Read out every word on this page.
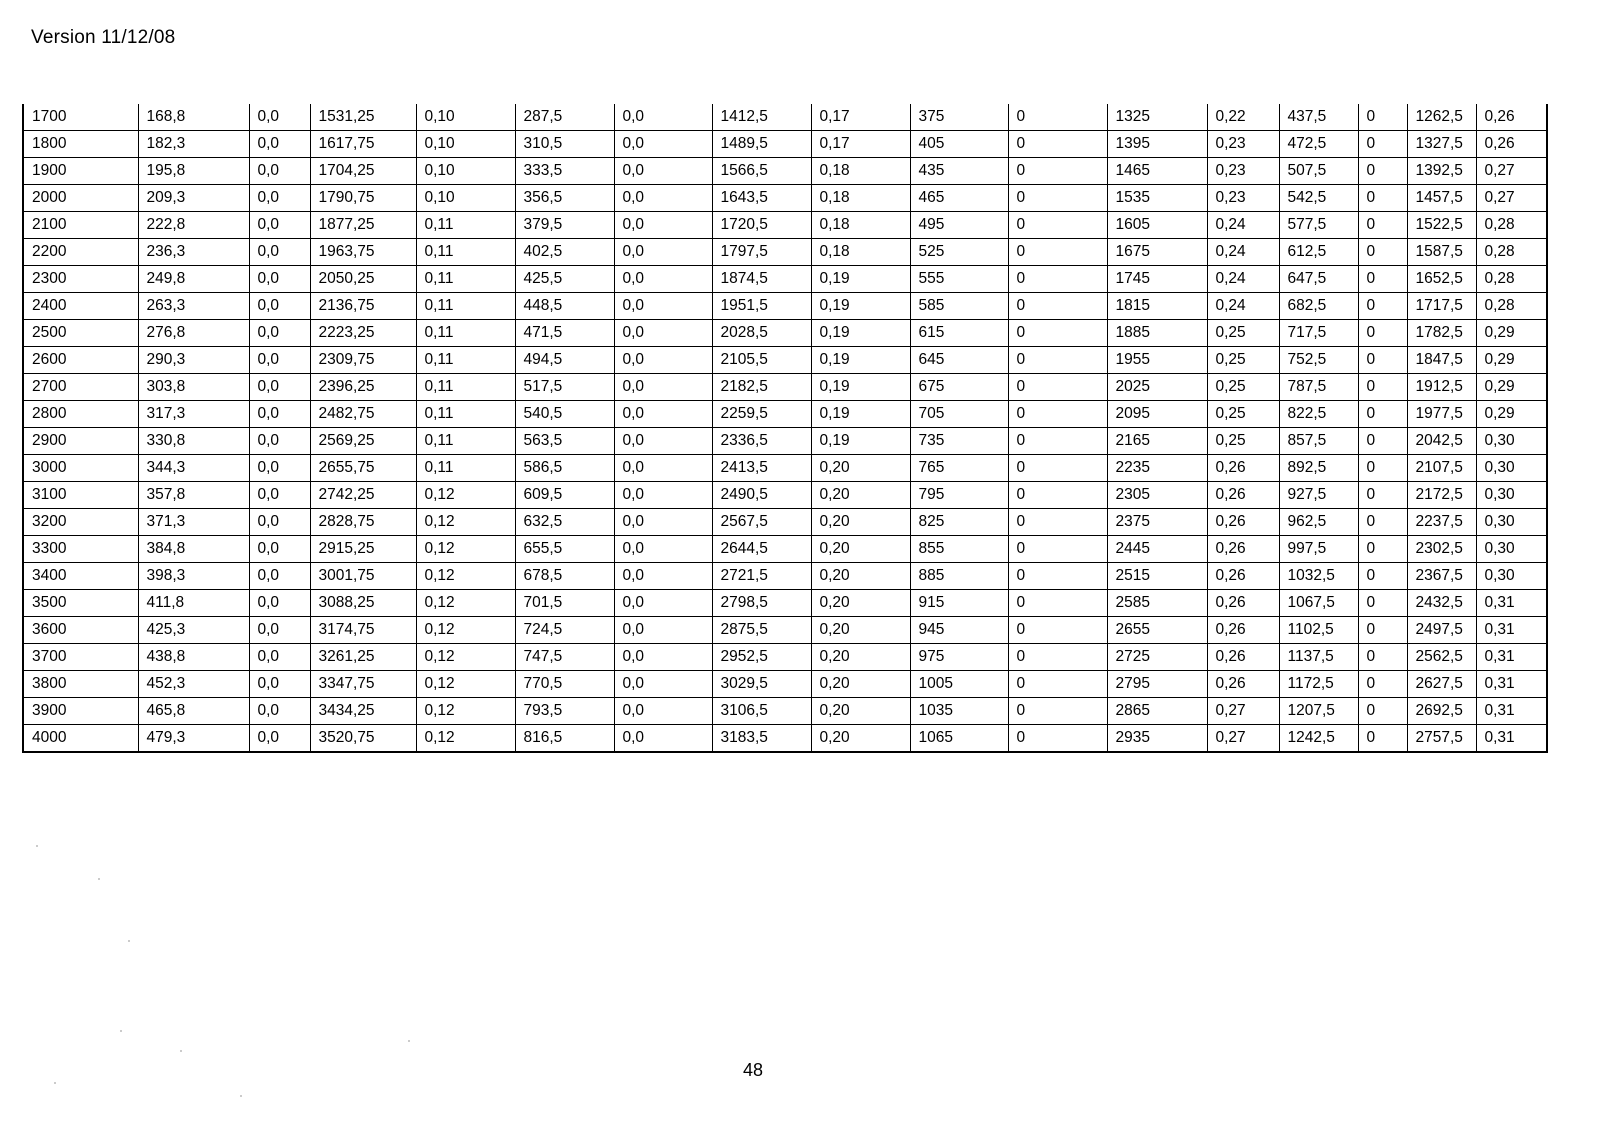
Version 11/12/08
1700	168,8	0,0	1531,25	0,10	287,5	0,0	1412,5	0,17	375	0	1325	0,22	437,5	0	1262,5	0,26
1800	182,3	0,0	1617,75	0,10	310,5	0,0	1489,5	0,17	405	0	1395	0,23	472,5	0	1327,5	0,26
1900	195,8	0,0	1704,25	0,10	333,5	0,0	1566,5	0,18	435	0	1465	0,23	507,5	0	1392,5	0,27
2000	209,3	0,0	1790,75	0,10	356,5	0,0	1643,5	0,18	465	0	1535	0,23	542,5	0	1457,5	0,27
2100	222,8	0,0	1877,25	0,11	379,5	0,0	1720,5	0,18	495	0	1605	0,24	577,5	0	1522,5	0,28
2200	236,3	0,0	1963,75	0,11	402,5	0,0	1797,5	0,18	525	0	1675	0,24	612,5	0	1587,5	0,28
2300	249,8	0,0	2050,25	0,11	425,5	0,0	1874,5	0,19	555	0	1745	0,24	647,5	0	1652,5	0,28
2400	263,3	0,0	2136,75	0,11	448,5	0,0	1951,5	0,19	585	0	1815	0,24	682,5	0	1717,5	0,28
2500	276,8	0,0	2223,25	0,11	471,5	0,0	2028,5	0,19	615	0	1885	0,25	717,5	0	1782,5	0,29
2600	290,3	0,0	2309,75	0,11	494,5	0,0	2105,5	0,19	645	0	1955	0,25	752,5	0	1847,5	0,29
2700	303,8	0,0	2396,25	0,11	517,5	0,0	2182,5	0,19	675	0	2025	0,25	787,5	0	1912,5	0,29
2800	317,3	0,0	2482,75	0,11	540,5	0,0	2259,5	0,19	705	0	2095	0,25	822,5	0	1977,5	0,29
2900	330,8	0,0	2569,25	0,11	563,5	0,0	2336,5	0,19	735	0	2165	0,25	857,5	0	2042,5	0,30
3000	344,3	0,0	2655,75	0,11	586,5	0,0	2413,5	0,20	765	0	2235	0,26	892,5	0	2107,5	0,30
3100	357,8	0,0	2742,25	0,12	609,5	0,0	2490,5	0,20	795	0	2305	0,26	927,5	0	2172,5	0,30
3200	371,3	0,0	2828,75	0,12	632,5	0,0	2567,5	0,20	825	0	2375	0,26	962,5	0	2237,5	0,30
3300	384,8	0,0	2915,25	0,12	655,5	0,0	2644,5	0,20	855	0	2445	0,26	997,5	0	2302,5	0,30
3400	398,3	0,0	3001,75	0,12	678,5	0,0	2721,5	0,20	885	0	2515	0,26	1032,5	0	2367,5	0,30
3500	411,8	0,0	3088,25	0,12	701,5	0,0	2798,5	0,20	915	0	2585	0,26	1067,5	0	2432,5	0,31
3600	425,3	0,0	3174,75	0,12	724,5	0,0	2875,5	0,20	945	0	2655	0,26	1102,5	0	2497,5	0,31
3700	438,8	0,0	3261,25	0,12	747,5	0,0	2952,5	0,20	975	0	2725	0,26	1137,5	0	2562,5	0,31
3800	452,3	0,0	3347,75	0,12	770,5	0,0	3029,5	0,20	1005	0	2795	0,26	1172,5	0	2627,5	0,31
3900	465,8	0,0	3434,25	0,12	793,5	0,0	3106,5	0,20	1035	0	2865	0,27	1207,5	0	2692,5	0,31
4000	479,3	0,0	3520,75	0,12	816,5	0,0	3183,5	0,20	1065	0	2935	0,27	1242,5	0	2757,5	0,31
48
